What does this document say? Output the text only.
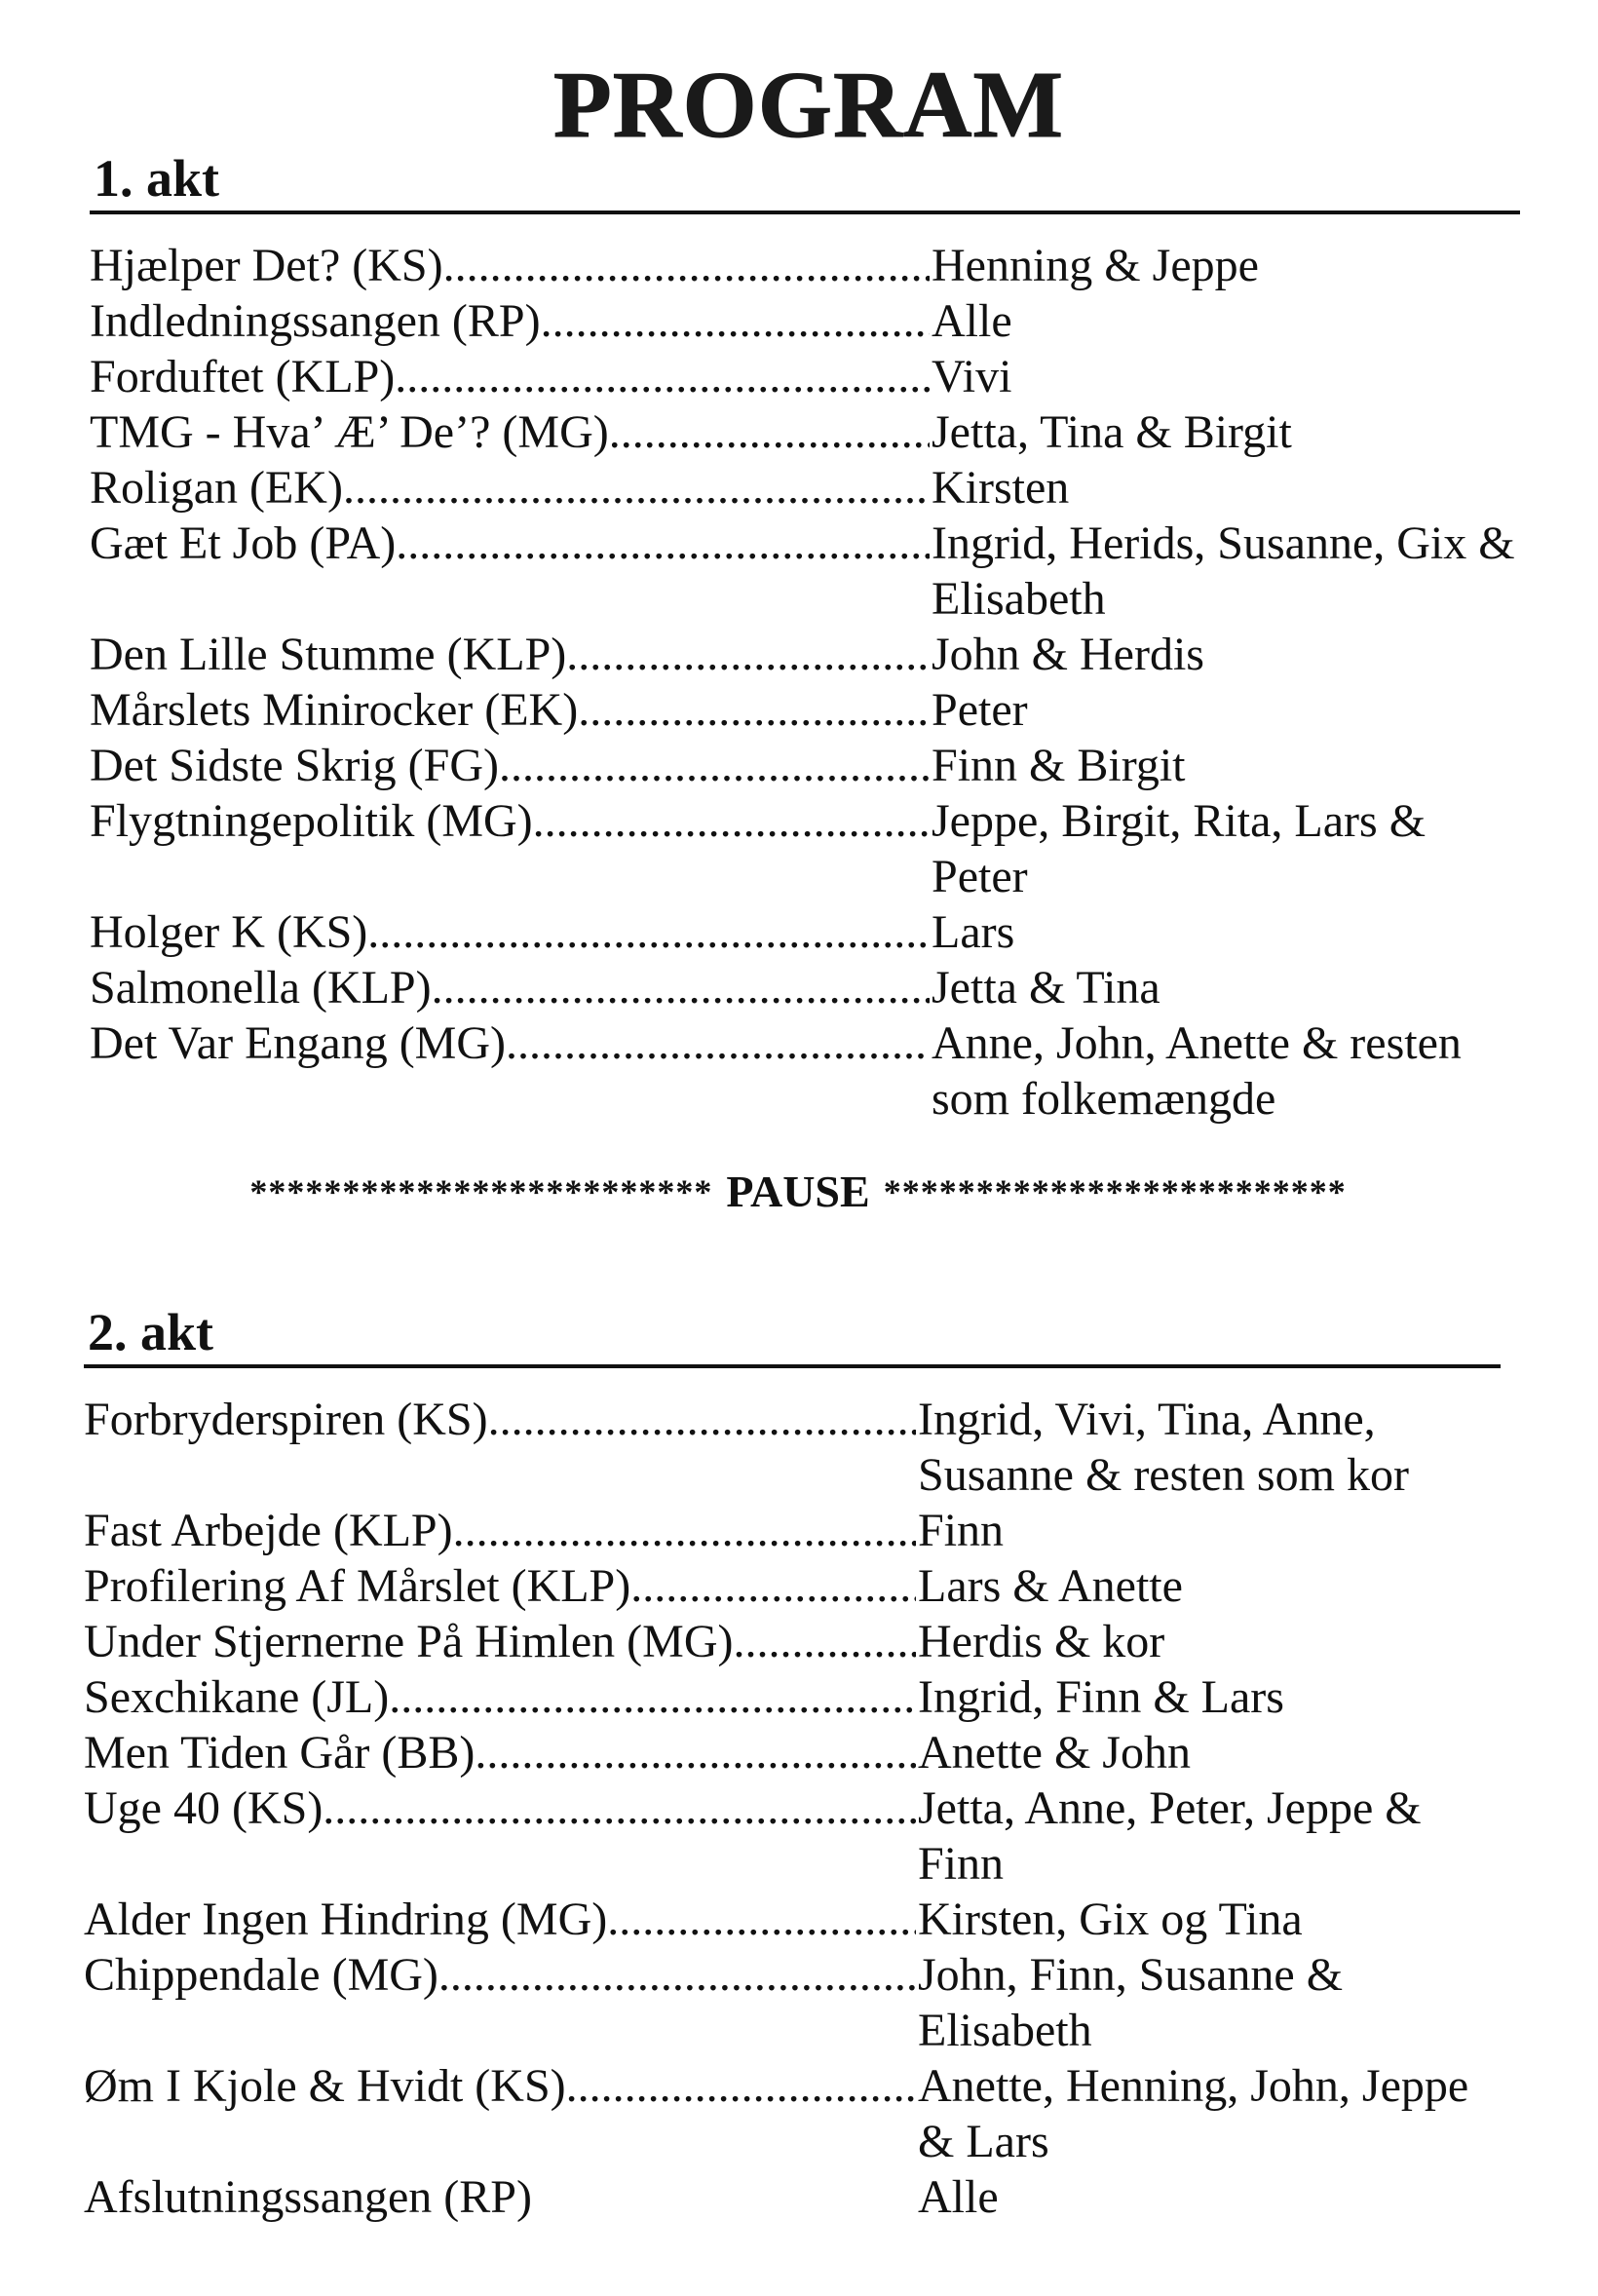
PROGRAM
1. akt
Hjælper Det? (KS) .....	Henning & Jeppe
Indledningssangen (RP) .....	Alle
Forduftet (KLP) .....	Vivi
TMG - Hva’ Æ’ De’? (MG) .....	Jetta, Tina & Birgit
Roligan (EK) .....	Kirsten
Gæt Et Job (PA) .....	Ingrid, Herids, Susanne, Gix & Elisabeth
Den Lille Stumme (KLP) .....	John & Herdis
Mårslets Minirocker (EK) .....	Peter
Det Sidste Skrig (FG) .....	Finn & Birgit
Flygtningepolitik (MG) .....	Jeppe, Birgit, Rita, Lars & Peter
Holger K (KS) .....	Lars
Salmonella (KLP) .....	Jetta & Tina
Det Var Engang (MG) .....	Anne, John, Anette & resten som folkemængde
************************* PAUSE *************************
2. akt
Forbryderspiren (KS) .....	Ingrid, Vivi, Tina, Anne, Susanne & resten som kor
Fast Arbejde (KLP) .....	Finn
Profilering Af Mårslet (KLP) .....	Lars & Anette
Under Stjernerne På Himlen (MG) .....	Herdis & kor
Sexchikane (JL) .....	Ingrid, Finn & Lars
Men Tiden Går (BB) .....	Anette & John
Uge 40 (KS) .....	Jetta, Anne, Peter, Jeppe & Finn
Alder Ingen Hindring (MG) .....	Kirsten, Gix og Tina
Chippendale (MG) .....	John, Finn, Susanne & Elisabeth
Øm I Kjole & Hvidt (KS) .....	Anette, Henning, John, Jeppe & Lars
Afslutningssangen (RP)	Alle
